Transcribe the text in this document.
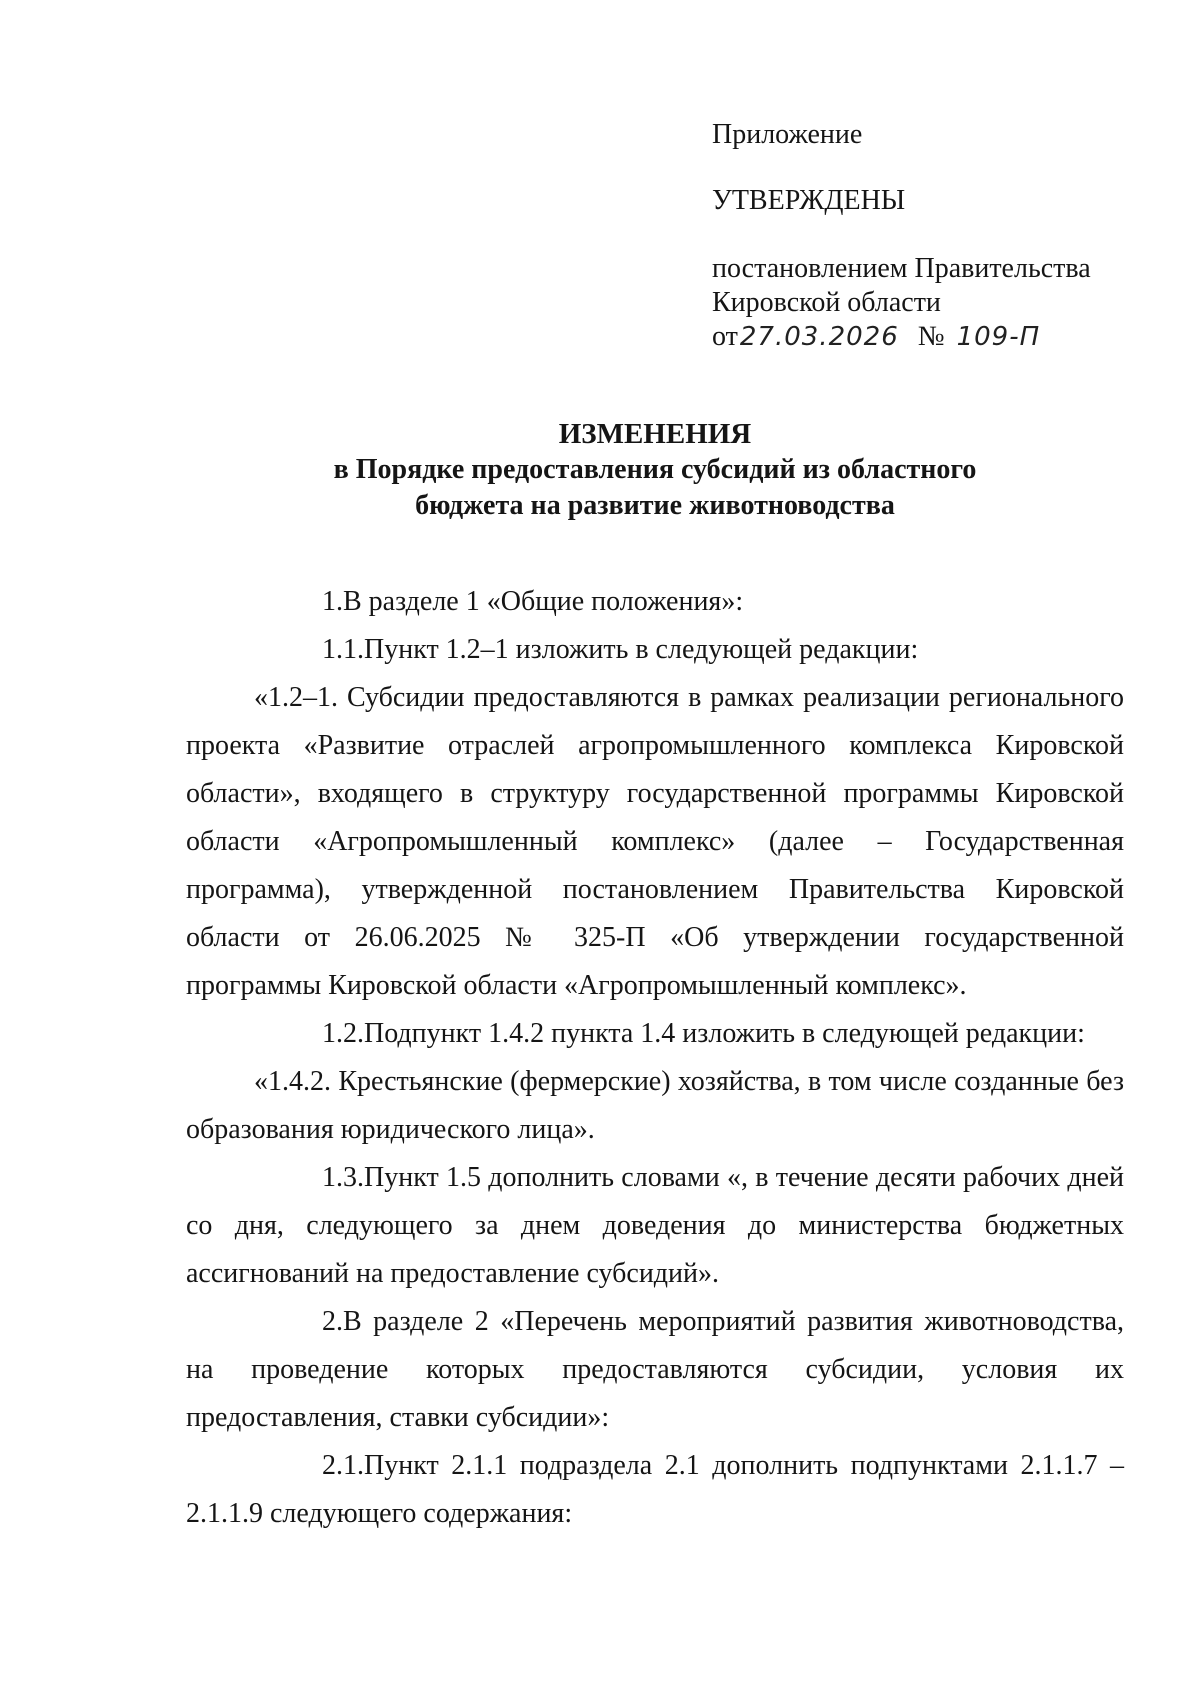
Приложение
УТВЕРЖДЕНЫ
постановлением Правительства
Кировской области
от27.03.2026 № 109-П
ИЗМЕНЕНИЯ
в Порядке предоставления субсидий из областного
бюджета на развитие животноводства

1.В разделе 1 «Общие положения»:

1.1.Пункт 1.2–1 изложить в следующей редакции:

«1.2–1. Субсидии предоставляются в рамках реализации регионального проекта «Развитие отраслей агропромышленного комплекса Кировской области», входящего в структуру государственной программы Кировской области «Агропромышленный комплекс» (далее – Государственная программа), утвержденной постановлением Правительства Кировской области от 26.06.2025 № 325-П «Об утверждении государственной программы Кировской области «Агропромышленный комплекс».

1.2.Подпункт 1.4.2 пункта 1.4 изложить в следующей редакции:

«1.4.2. Крестьянские (фермерские) хозяйства, в том числе созданные без образования юридического лица».

1.3.Пункт 1.5 дополнить словами «, в течение десяти рабочих дней со дня, следующего за днем доведения до министерства бюджетных ассигнований на предоставление субсидий».

2.В разделе 2 «Перечень мероприятий развития животноводства, на проведение которых предоставляются субсидии, условия их предоставления, ставки субсидии»:

2.1.Пункт 2.1.1 подраздела 2.1 дополнить подпунктами 2.1.1.7 – 2.1.1.9 следующего содержания:
